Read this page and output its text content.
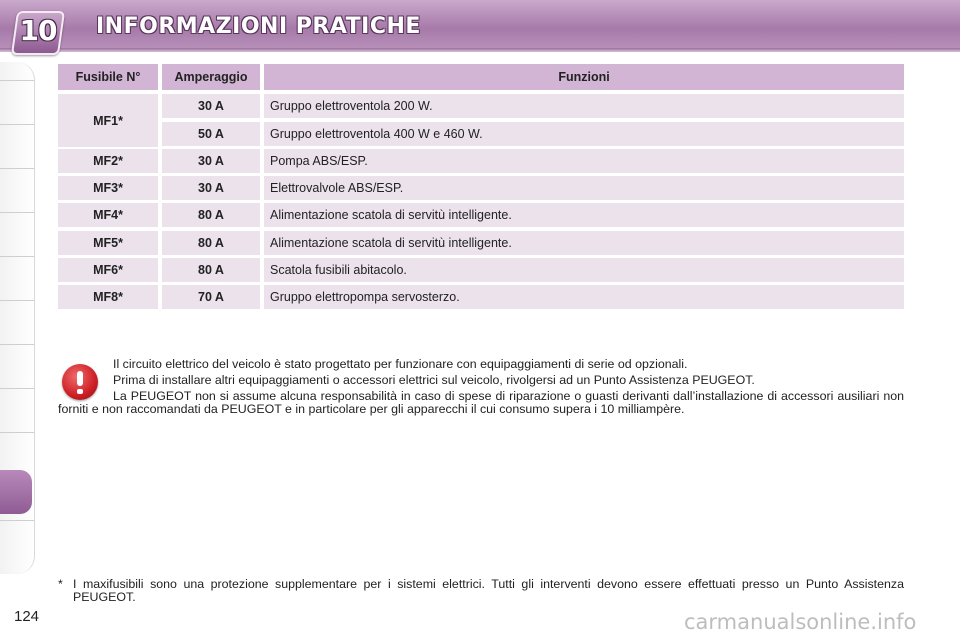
10 INFORMAZIONI PRATICHE
Fusibile N°	Amperaggio	Funzioni
MF1*
30 A	Gruppo elettroventola 200 W.
50 A	Gruppo elettroventola 400 W e 460 W.
MF2*	30 A	Pompa ABS/ESP.
MF3*	30 A	Elettrovalvole ABS/ESP.
MF4*	80 A	Alimentazione scatola di servitù intelligente.
MF5*	80 A	Alimentazione scatola di servitù intelligente.
MF6*	80 A	Scatola fusibili abitacolo.
MF8*	70 A	Gruppo elettropompa servosterzo.

Il circuito elettrico del veicolo è stato progettato per funzionare con equipaggiamenti di serie od opzionali.

Prima di installare altri equipaggiamenti o accessori elettrici sul veicolo, rivolgersi ad un Punto Assistenza PEUGEOT.

La PEUGEOT non si assume alcuna responsabilità in caso di spese di riparazione o guasti derivanti dall’installazione di accessori ausiliari non forniti e non raccomandati da PEUGEOT e in particolare per gli apparecchi il cui consumo supera i 10 milliampère.

* I maxifusibili sono una protezione supplementare per i sistemi elettrici. Tutti gli interventi devono essere effettuati presso un Punto Assistenza PEUGEOT.
124	carmanualsonline.info
